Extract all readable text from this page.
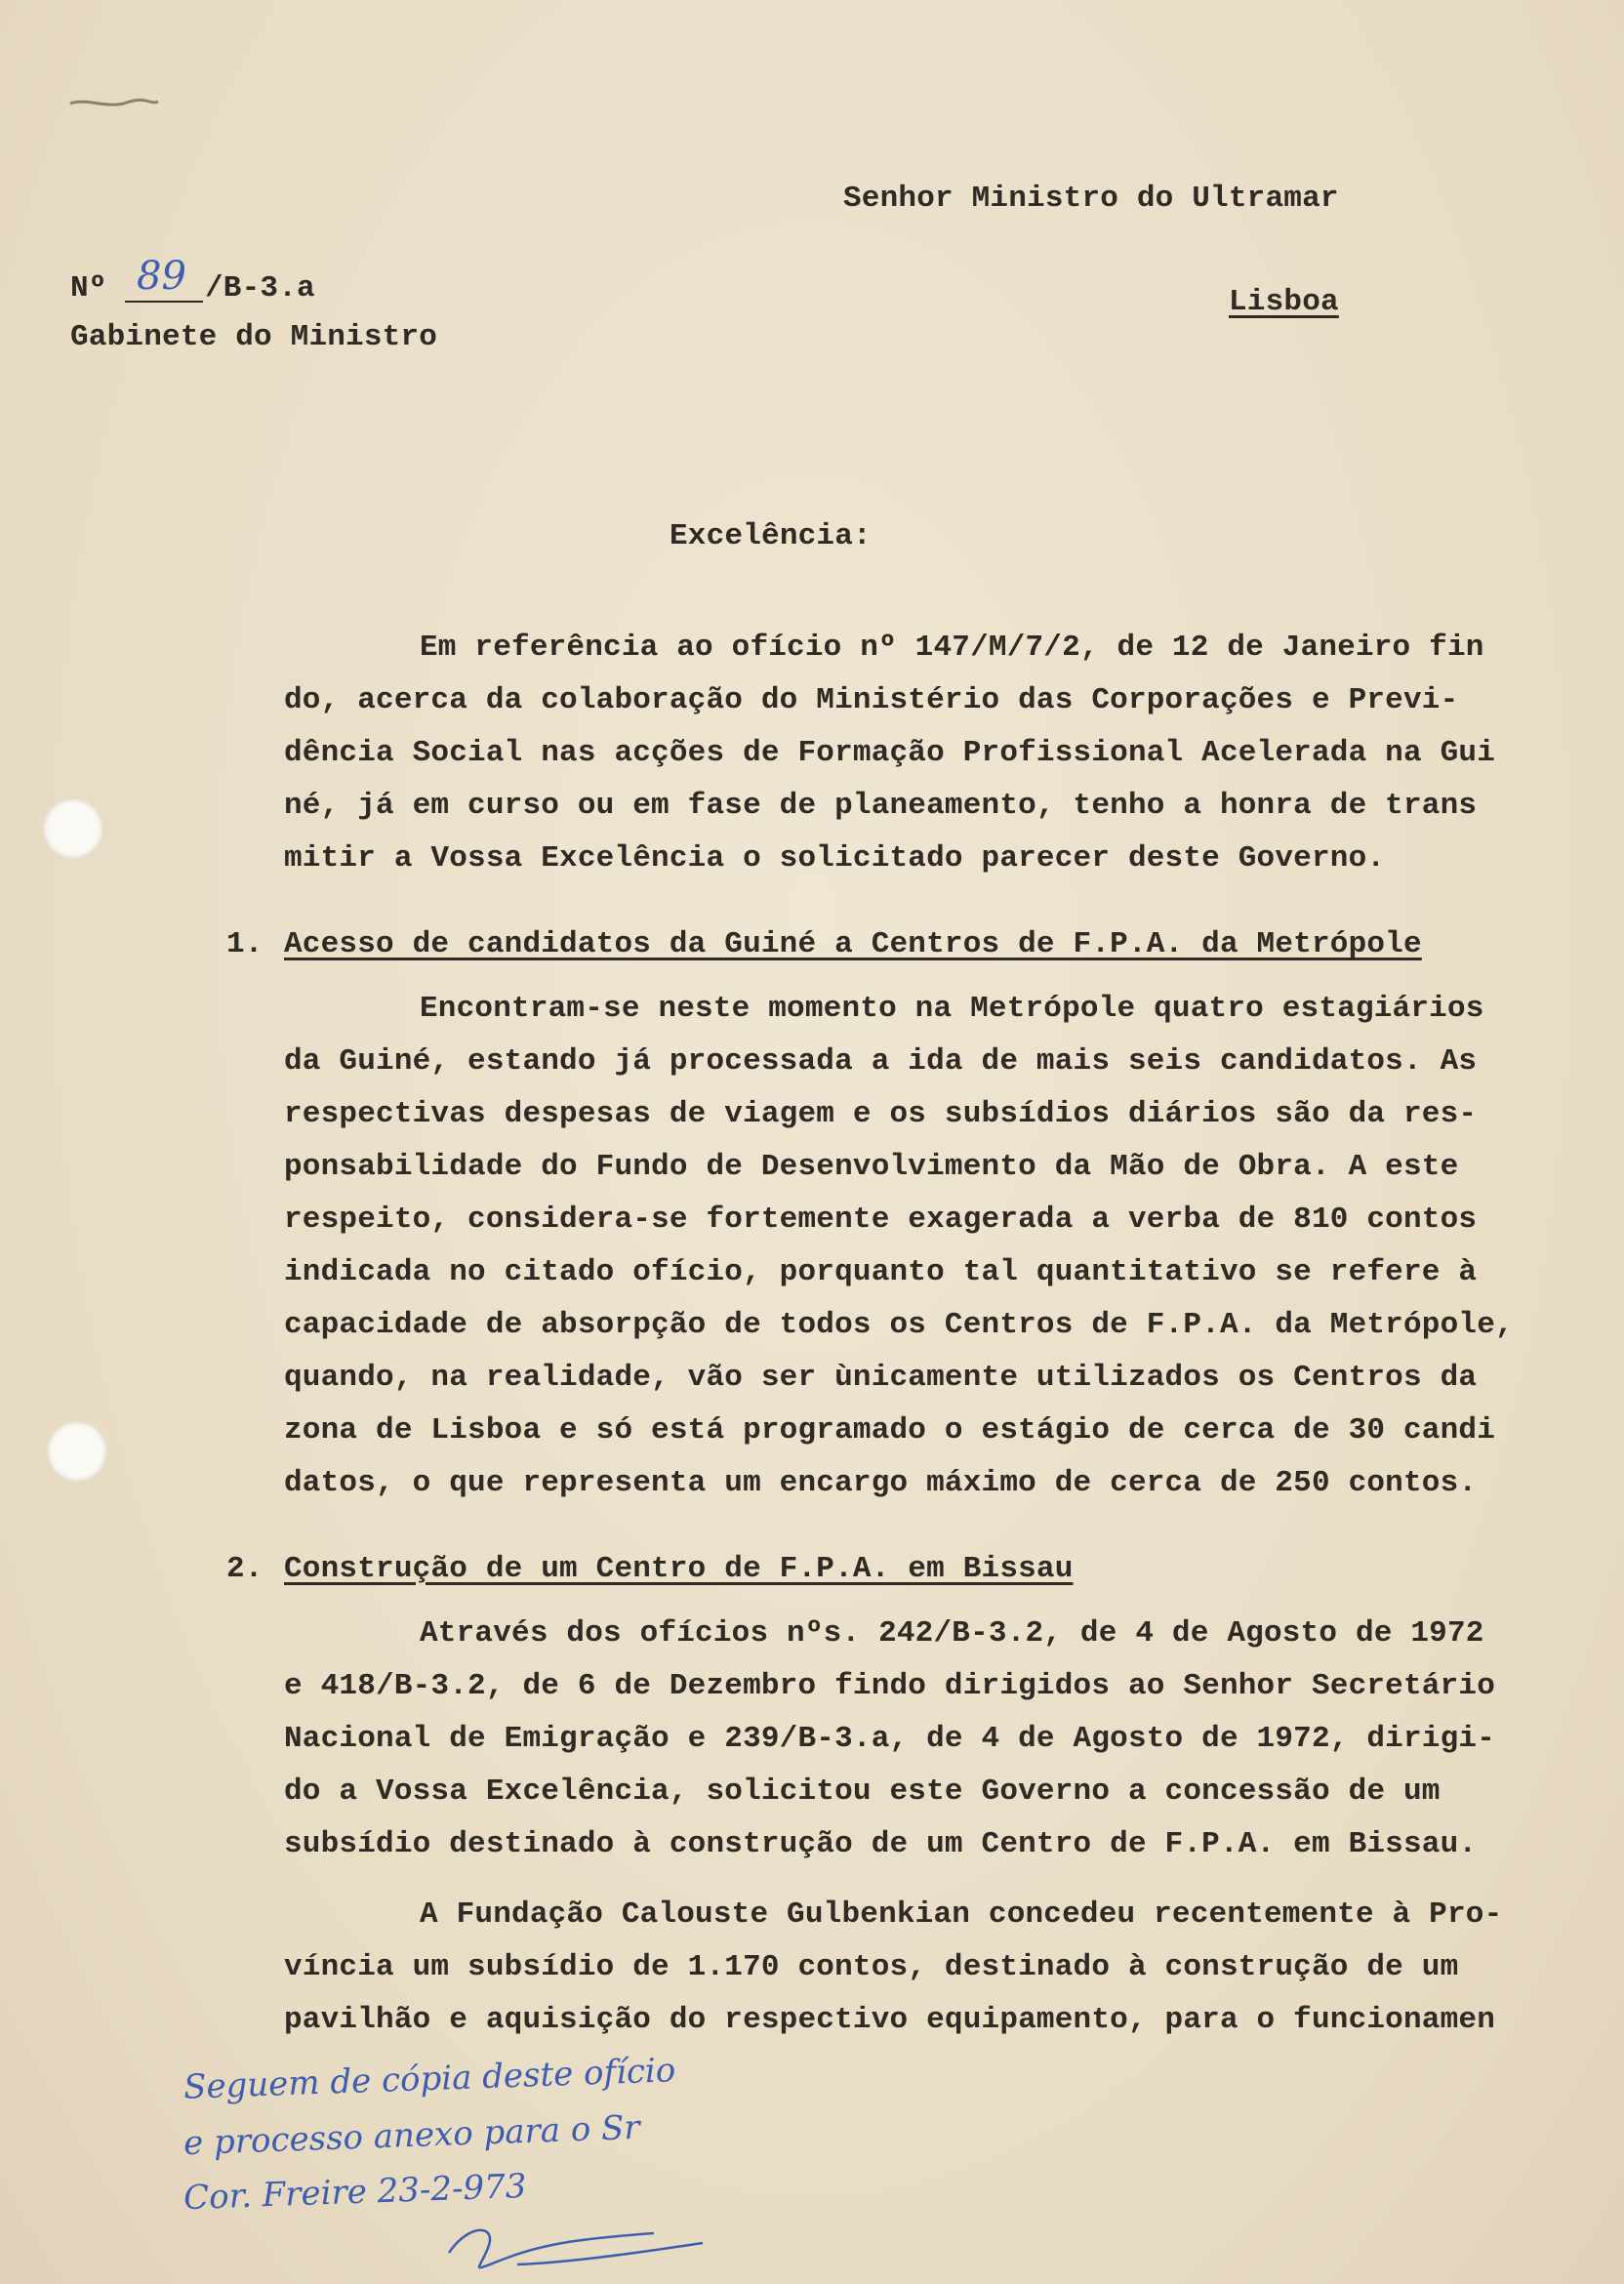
Senhor Ministro do Ultramar
Nº 89 /B-3.a	Lisboa
Gabinete do Ministro
Excelência:
Em referência ao ofício nº 147/M/7/2, de 12 de Janeiro fin
do, acerca da colaboração do Ministério das Corporações e Previ-
dência Social nas acções de Formação Profissional Acelerada na Gui
né, já em curso ou em fase de planeamento, tenho a honra de trans
mitir a Vossa Excelência o solicitado parecer deste Governo.
1. Acesso de candidatos da Guiné a Centros de F.P.A. da Metrópole
Encontram-se neste momento na Metrópole quatro estagiários
da Guiné, estando já processada a ida de mais seis candidatos. As
respectivas despesas de viagem e os subsídios diários são da res-
ponsabilidade do Fundo de Desenvolvimento da Mão de Obra. A este
respeito, considera-se fortemente exagerada a verba de 810 contos
indicada no citado ofício, porquanto tal quantitativo se refere à
capacidade de absorpção de todos os Centros de F.P.A. da Metrópole,
quando, na realidade, vão ser ùnicamente utilizados os Centros da
zona de Lisboa e só está programado o estágio de cerca de 30 candi
datos, o que representa um encargo máximo de cerca de 250 contos.
2. Construção de um Centro de F.P.A. em Bissau
Através dos ofícios nºs. 242/B-3.2, de 4 de Agosto de 1972
e 418/B-3.2, de 6 de Dezembro findo dirigidos ao Senhor Secretário
Nacional de Emigração e 239/B-3.a, de 4 de Agosto de 1972, dirigi-
do a Vossa Excelência, solicitou este Governo a concessão de um
subsídio destinado à construção de um Centro de F.P.A. em Bissau.
A Fundação Calouste Gulbenkian concedeu recentemente à Pro-
víncia um subsídio de 1.170 contos, destinado à construção de um
pavilhão e aquisição do respectivo equipamento, para o funcionamen
Seguem de cópia deste ofício
e processo anexo para o Sr
Cor. Freire 23-2-973
